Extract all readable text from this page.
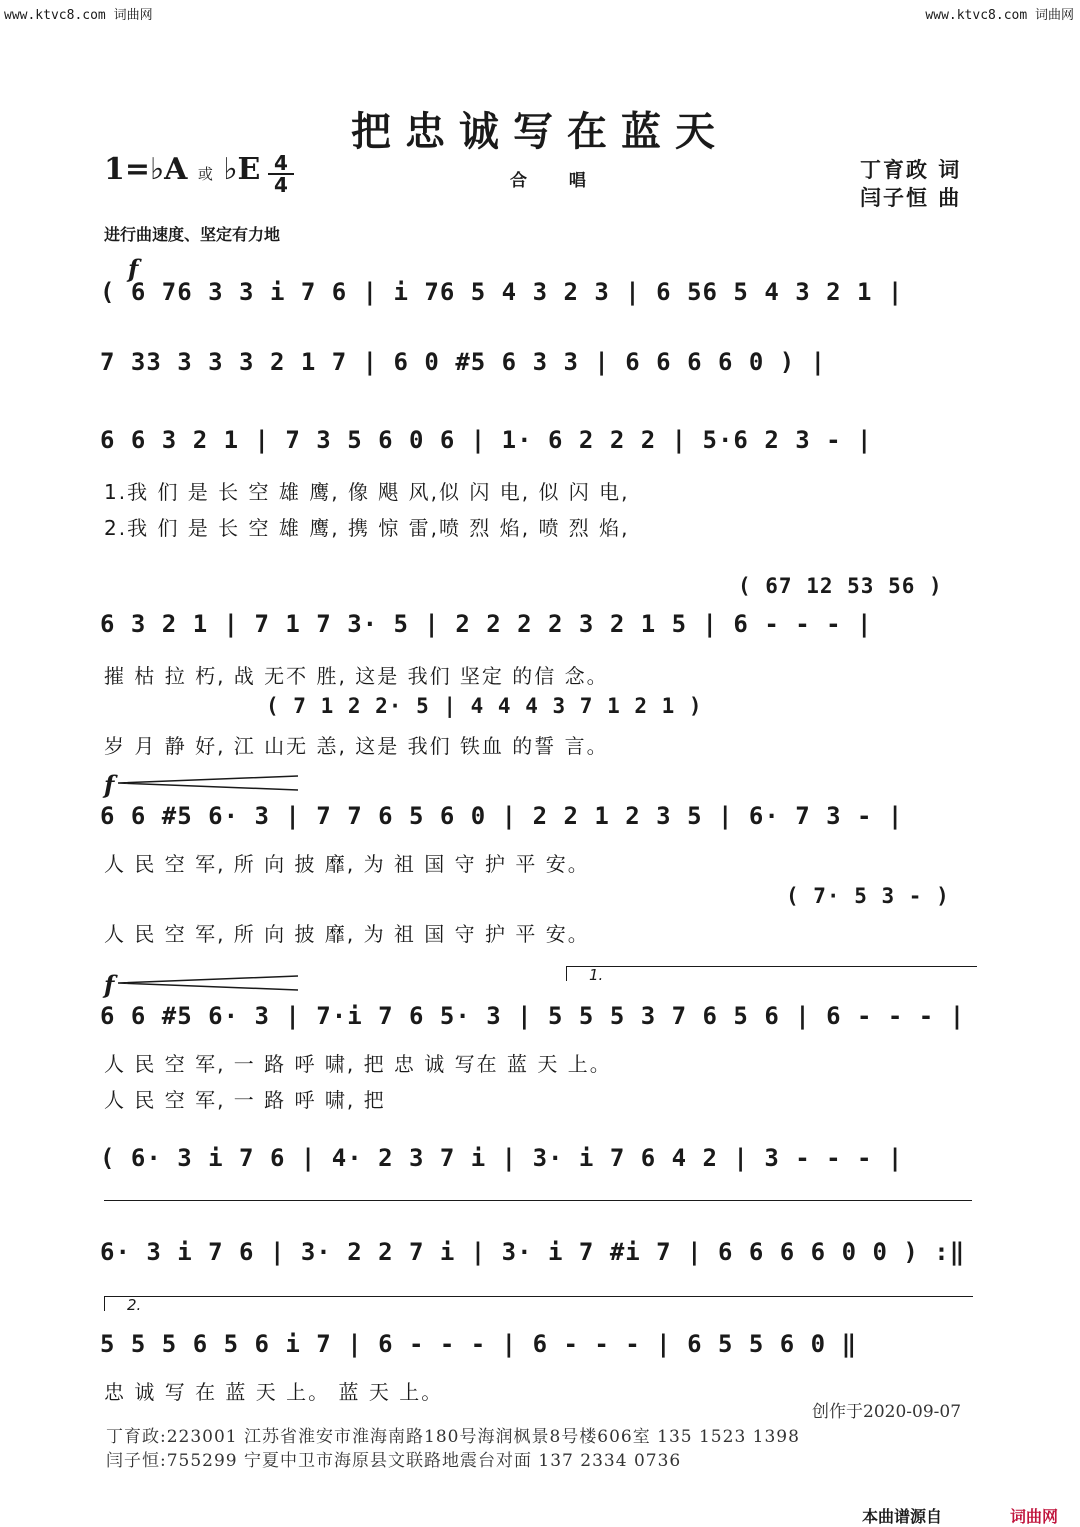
www.ktvc8.com 词曲网	www.ktvc8.com 词曲网
把忠诚写在蓝天
1=♭A 或 ♭E 4
4	合 唱	丁育政 词
闫子恒 曲
进行曲速度、坚定有力地
f
( 6 76 3 3 i 7 6 | i 76 5 4 3 2 3 | 6 56 5 4 3 2 1 |
7 33 3 3 3 2 1 7 | 6 0 #5 6 3 3 | 6 6 6 6 0 ) |
6 6 3 2 1 | 7 3 5 6 0 6 | 1· 6 2 2 2 | 5·6 2 3 - |
1.我 们 是 长 空 雄 鹰, 像 飓 风,似 闪 电, 似 闪 电,
2.我 们 是 长 空 雄 鹰, 携 惊 雷,喷 烈 焰, 喷 烈 焰,
( 67 12 53 56 )
6 3 2 1 | 7 1 7 3· 5 | 2 2 2 2 3 2 1 5 | 6 - - - |
摧 枯 拉 朽, 战 无不 胜, 这是 我们 坚定 的信 念。
( 7 1 2 2· 5 | 4 4 4 3 7 1 2 1 )
岁 月 静 好, 江 山无 恙, 这是 我们 铁血 的誓 言。
f
6 6 #5 6· 3 | 7 7 6 5 6 0 | 2 2 1 2 3 5 | 6· 7 3 - |
人 民 空 军, 所 向 披 靡, 为 祖 国 守 护 平 安。
( 7· 5 3 - )
人 民 空 军, 所 向 披 靡, 为 祖 国 守 护 平 安。
f	1.
6 6 #5 6· 3 | 7·i 7 6 5· 3 | 5 5 5 3 7 6 5 6 | 6 - - - |
人 民 空 军, 一 路 呼 啸, 把 忠 诚 写在 蓝 天 上。
人 民 空 军, 一 路 呼 啸, 把
( 6· 3 i 7 6 | 4· 2 3 7 i | 3· i 7 6 4 2 | 3 - - - |
6· 3 i 7 6 | 3· 2 2 7 i | 3· i 7 #i 7 | 6 6 6 6 0 0 ) :‖
2.
5 5 5 6 5 6 i 7 | 6 - - - | 6 - - - | 6 5 5 6 0 ‖
忠 诚 写 在 蓝 天 上。 蓝 天 上。
创作于2020-09-07
丁育政:223001 江苏省淮安市淮海南路180号海润枫景8号楼606室 135 1523 1398
闫子恒:755299 宁夏中卫市海原县文联路地震台对面 137 2334 0736
本曲谱源自	词曲网
